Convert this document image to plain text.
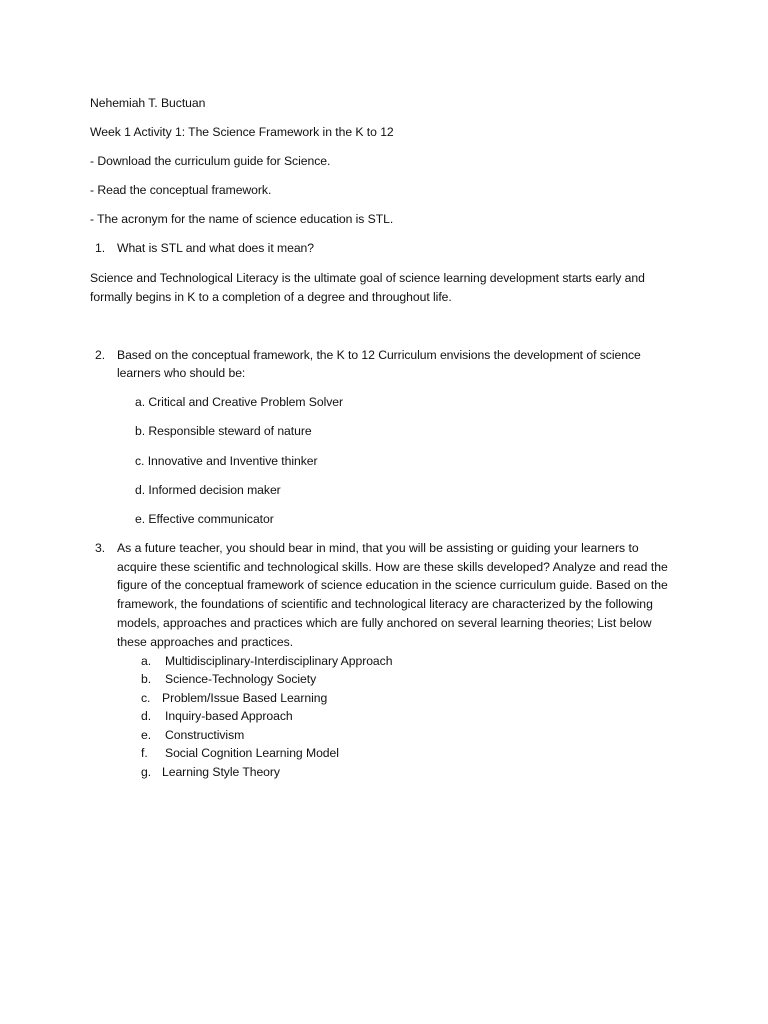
Nehemiah T. Buctuan
Week 1 Activity 1: The Science Framework in the K to 12
- Download the curriculum guide for Science.
- Read the conceptual framework.
- The acronym for the name of science education is STL.
1. What is STL and what does it mean?
Science and Technological Literacy is the ultimate goal of science learning development starts early and
formally begins in K to a completion of a degree and throughout life.
2. Based on the conceptual framework, the K to 12 Curriculum envisions the development of science
learners who should be:
a. Critical and Creative Problem Solver
b. Responsible steward of nature
c. Innovative and Inventive thinker
d. Informed decision maker
e. Effective communicator
3. As a future teacher, you should bear in mind, that you will be assisting or guiding your learners to acquire these scientific and technological skills. How are these skills developed? Analyze and read the figure of the conceptual framework of science education in the science curriculum guide. Based on the framework, the foundations of scientific and technological literacy are characterized by the following models, approaches and practices which are fully anchored on several learning theories; List below these approaches and practices.
a. Multidisciplinary-Interdisciplinary Approach
b. Science-Technology Society
c. Problem/Issue Based Learning
d. Inquiry-based Approach
e. Constructivism
f. Social Cognition Learning Model
g. Learning Style Theory
